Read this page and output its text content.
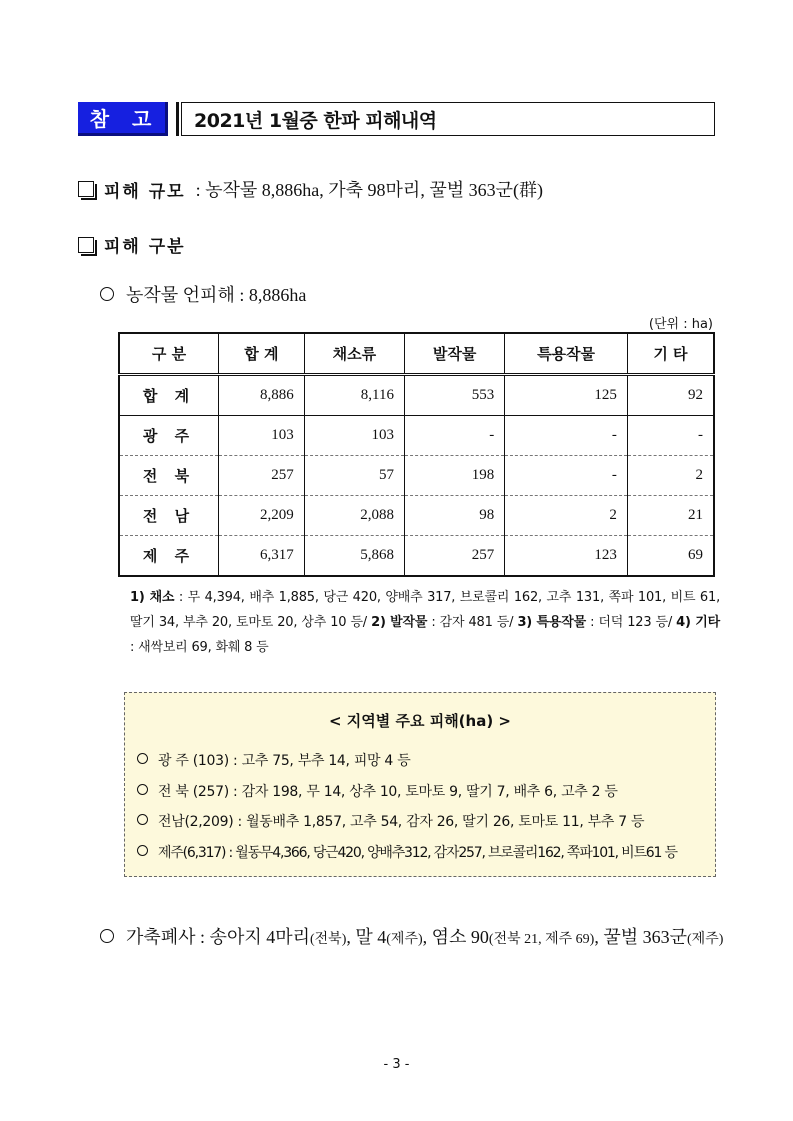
참 고	2021년 1월중 한파 피해내역
피해 규모 : 농작물 8,886ha, 가축 98마리, 꿀벌 363군(群)
피해 구분
농작물 언피해 : 8,886ha
(단위 : ha)
구 분	합 계	채소류	발작물	특용작물	기 타
합 계	8,886	8,116	553	125	92
광 주	103	103	-	-	-
전 북	257	57	198	-	2
전 남	2,209	2,088	98	2	21
제 주	6,317	5,868	257	123	69
1) 채소 : 무 4,394, 배추 1,885, 당근 420, 양배추 317, 브로콜리 162, 고추 131, 쪽파 101, 비트 61, 딸기 34, 부추 20, 토마토 20, 상추 10 등/ 2) 발작물 : 감자 481 등/ 3) 특용작물 : 더덕 123 등/ 4) 기타 : 새싹보리 69, 화훼 8 등
< 지역별 주요 피해(ha) >
광 주 (103) : 고추 75, 부추 14, 피망 4 등
전 북 (257) : 감자 198, 무 14, 상추 10, 토마토 9, 딸기 7, 배추 6, 고추 2 등
전남(2,209) : 월동배추 1,857, 고추 54, 감자 26, 딸기 26, 토마토 11, 부추 7 등
제주(6,317) : 월동무4,366, 당근420, 양배추312, 감자257, 브로콜리162, 쪽파101, 비트61 등
가축폐사 : 송아지 4마리(전북), 말 4(제주), 염소 90(전북 21, 제주 69), 꿀벌 363군(제주)
- 3 -
